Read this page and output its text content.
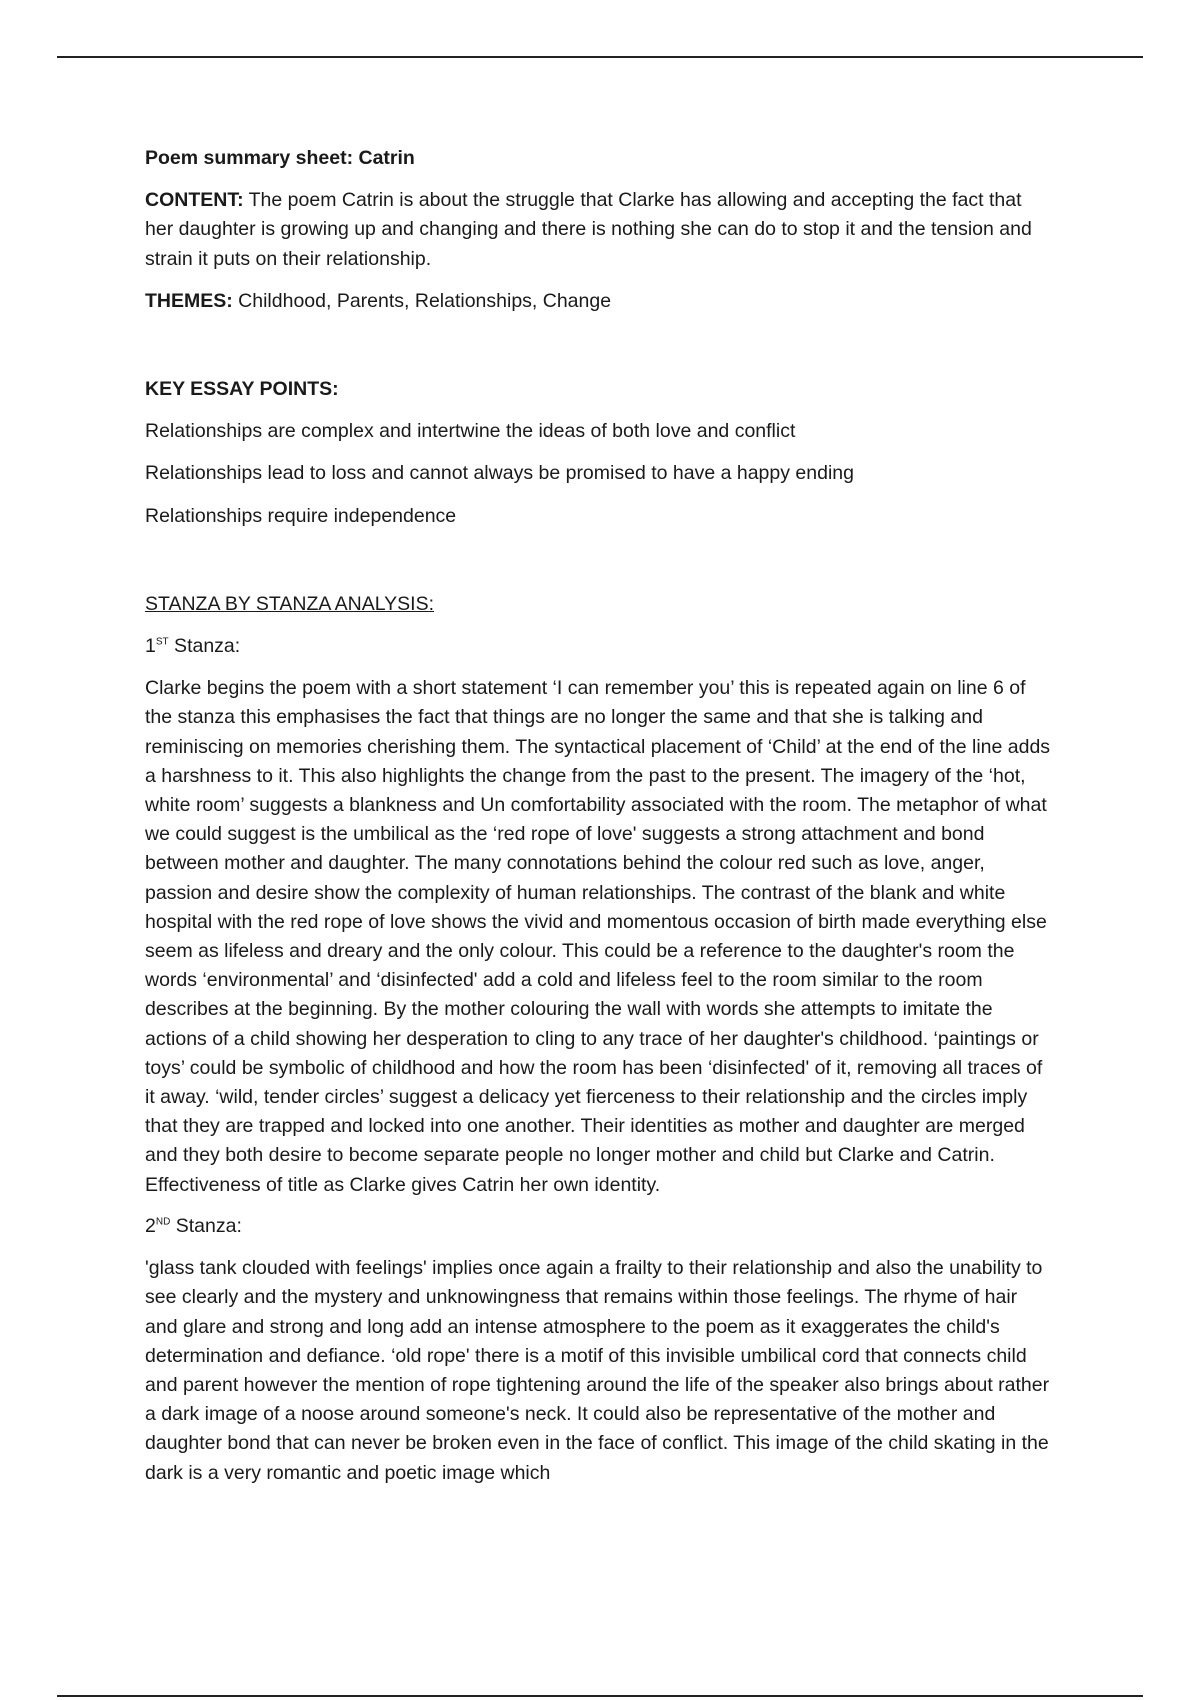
Poem summary sheet: Catrin

CONTENT: The poem Catrin is about the struggle that Clarke has allowing and accepting the fact that her daughter is growing up and changing and there is nothing she can do to stop it and the tension and strain it puts on their relationship.

THEMES: Childhood, Parents, Relationships, Change

KEY ESSAY POINTS:

Relationships are complex and intertwine the ideas of both love and conflict

Relationships lead to loss and cannot always be promised to have a happy ending

Relationships require independence

STANZA BY STANZA ANALYSIS:

1ST Stanza:

Clarke begins the poem with a short statement ‘I can remember you’ this is repeated again on line 6 of the stanza this emphasises the fact that things are no longer the same and that she is talking and reminiscing on memories cherishing them. The syntactical placement of ‘Child’ at the end of the line adds a harshness to it. This also highlights the change from the past to the present. The imagery of the ‘hot, white room’ suggests a blankness and Un comfortability associated with the room. The metaphor of what we could suggest is the umbilical as the ‘red rope of love' suggests a strong attachment and bond between mother and daughter. The many connotations behind the colour red such as love, anger, passion and desire show the complexity of human relationships. The contrast of the blank and white hospital with the red rope of love shows the vivid and momentous occasion of birth made everything else seem as lifeless and dreary and the only colour. This could be a reference to the daughter's room the words ‘environmental’ and ‘disinfected' add a cold and lifeless feel to the room similar to the room describes at the beginning. By the mother colouring the wall with words she attempts to imitate the actions of a child showing her desperation to cling to any trace of her daughter's childhood. ‘paintings or toys’ could be symbolic of childhood and how the room has been ‘disinfected' of it, removing all traces of it away. ‘wild, tender circles’ suggest a delicacy yet fierceness to their relationship and the circles imply that they are trapped and locked into one another. Their identities as mother and daughter are merged and they both desire to become separate people no longer mother and child but Clarke and Catrin. Effectiveness of title as Clarke gives Catrin her own identity.

2ND Stanza:

'glass tank clouded with feelings' implies once again a frailty to their relationship and also the unability to see clearly and the mystery and unknowingness that remains within those feelings. The rhyme of hair and glare and strong and long add an intense atmosphere to the poem as it exaggerates the child's determination and defiance. ‘old rope' there is a motif of this invisible umbilical cord that connects child and parent however the mention of rope tightening around the life of the speaker also brings about rather a dark image of a noose around someone's neck. It could also be representative of the mother and daughter bond that can never be broken even in the face of conflict. This image of the child skating in the dark is a very romantic and poetic image which
